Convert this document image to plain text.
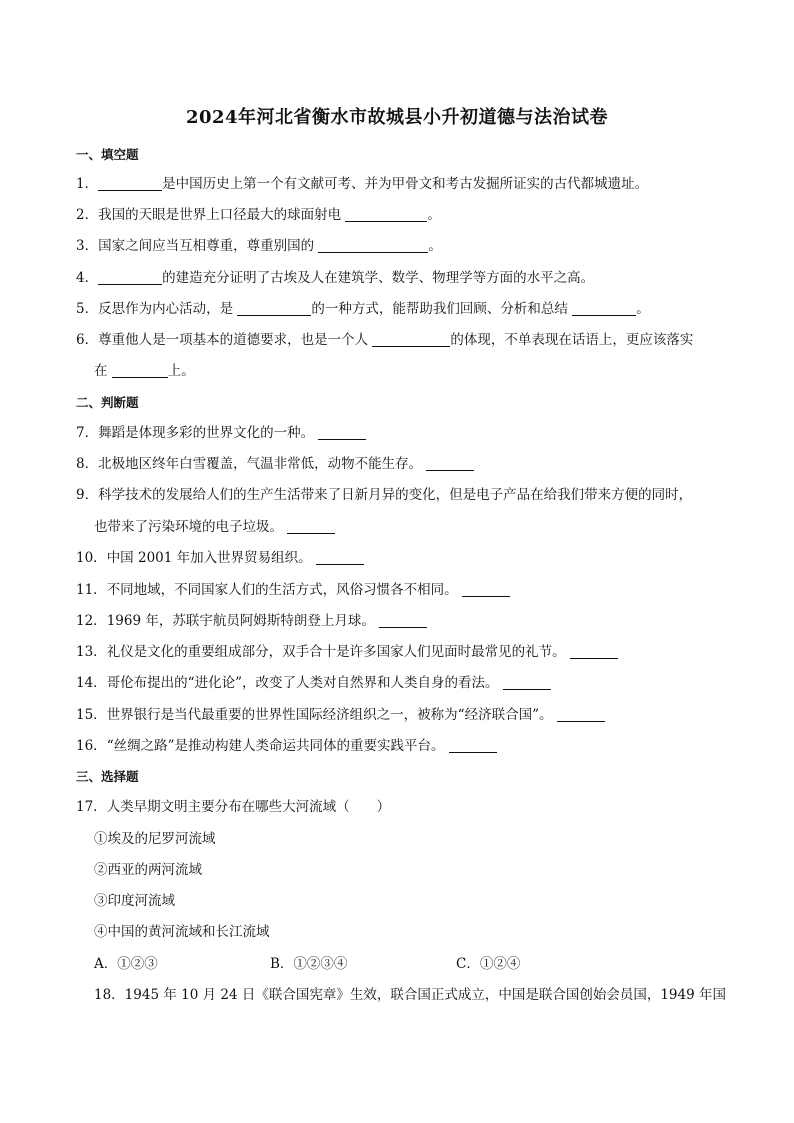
2024年河北省衡水市故城县小升初道德与法治试卷
一、填空题
1．	是中国历史上第一个有文献可考、并为甲骨文和考古发掘所证实的古代都城遗址。
2．我国的天眼是世界上口径最大的球面射电	。
3．国家之间应当互相尊重，尊重别国的	。
4．	的建造充分证明了古埃及人在建筑学、数学、物理学等方面的水平之高。
5．反思作为内心活动，是	的一种方式，能帮助我们回顾、分析和总结	。
6．尊重他人是一项基本的道德要求，也是一个人	的体现，不单表现在话语上，更应该落实
在	上。
二、判断题
7．舞蹈是体现多彩的世界文化的一种。
8．北极地区终年白雪覆盖，气温非常低，动物不能生存。
9．科学技术的发展给人们的生产生活带来了日新月异的变化，但是电子产品在给我们带来方便的同时，
也带来了污染环境的电子垃圾。
10．中国 2001 年加入世界贸易组织。
11．不同地域，不同国家人们的生活方式，风俗习惯各不相同。
12．1969 年，苏联宇航员阿姆斯特朗登上月球。
13．礼仪是文化的重要组成部分，双手合十是许多国家人们见面时最常见的礼节。
14．哥伦布提出的“进化论”，改变了人类对自然界和人类自身的看法。
15．世界银行是当代最重要的世界性国际经济组织之一，被称为“经济联合国”。
16．“丝绸之路”是推动构建人类命运共同体的重要实践平台。
三、选择题
17．人类早期文明主要分布在哪些大河流域（　　）
①埃及的尼罗河流域
②西亚的两河流域
③印度河流域
④中国的黄河流域和长江流域
A．①②③	B．①②③④	C．①②④
18．1945 年 10 月 24 日《联合国宪章》生效，联合国正式成立，中国是联合国创始会员国，1949 年国
